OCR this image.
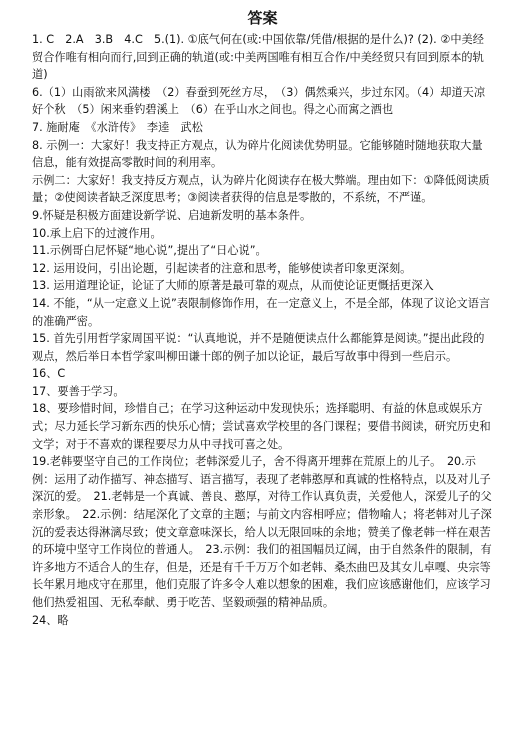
答案

1. C　2.A　3.B　4.C　5.(1). ①底气何在(或:中国依靠/凭借/根据的是什么)? (2). ②中美经贸合作唯有相向而行,回到正确的轨道(或:中美两国唯有相互合作/中美经贸只有回到原本的轨道)

6.（1）山雨欲来风满楼　（2）春蚕到死丝方尽，　（3）偶然乘兴，步过东冈。（4）却道天凉好个秋　（5）闲来垂钓碧溪上　（6）在乎山水之间也。得之心而寓之酒也

7. 施耐庵　《水浒传》　李逵　武松

8. 示例一：大家好！我支持正方观点，认为碎片化阅读优势明显。它能够随时随地获取大量信息，能有效提高零散时间的利用率。

示例二：大家好！我支持反方观点，认为碎片化阅读存在极大弊端。理由如下：①降低阅读质量；②使阅读者缺乏深度思考；③阅读者获得的信息是零散的，不系统，不严谨。

9.怀疑是积极方面建设新学说、启迪新发明的基本条件。

10.承上启下的过渡作用。

11.示例哥白尼怀疑“地心说”,提出了“日心说”。

12. 运用设问，引出论题，引起读者的注意和思考，能够使读者印象更深刻。

13. 运用道理论证，论证了大师的原著是最可靠的观点，从而使论证更慨括更深入

14. 不能，“从一定意义上说”表限制修饰作用，在一定意义上，不是全部，体现了议论文语言的准确严密。

15. 首先引用哲学家周国平说：“认真地说，并不是随便读点什么都能算是阅读。”提出此段的观点，然后举日本哲学家叫柳田谦十郎的例子加以论证，最后写故事中得到一些启示。

16、C

17、要善于学习。

18、要珍惜时间，珍惜自己；在学习这种运动中发现快乐；选择聪明、有益的休息或娱乐方式；尽力延长学习新东西的快乐心情；尝试喜欢学校里的各门课程；要借书阅读，研究历史和文学；对于不喜欢的课程要尽力从中寻找可喜之处。

19.老韩要坚守自己的工作岗位；老韩深爱儿子，舍不得离开埋葬在荒原上的儿子。　20.示例：运用了动作描写、神态描写、语言描写，表现了老韩憨厚和真诚的性格特点，以及对儿子深沉的爱。　21.老韩是一个真诚、善良、憨厚，对待工作认真负责，关爱他人，深爱儿子的父亲形象。　22.示例：结尾深化了文章的主题；与前文内容相呼应；借物喻人；将老韩对儿子深沉的爱表达得淋漓尽致；使文章意味深长，给人以无限回味的余地；赞美了像老韩一样在艰苦的环境中坚守工作岗位的普通人。　23.示例：我们的祖国幅员辽阔，由于自然条件的限制，有许多地方不适合人的生存，但是，还是有千千万万个如老韩、桑杰曲巴及其女儿卓嘎、央宗等长年累月地戍守在那里，他们克服了许多令人难以想象的困难，我们应该感谢他们，应该学习他们热爱祖国、无私奉献、勇于吃苦、坚毅顽强的精神品质。

24、略
